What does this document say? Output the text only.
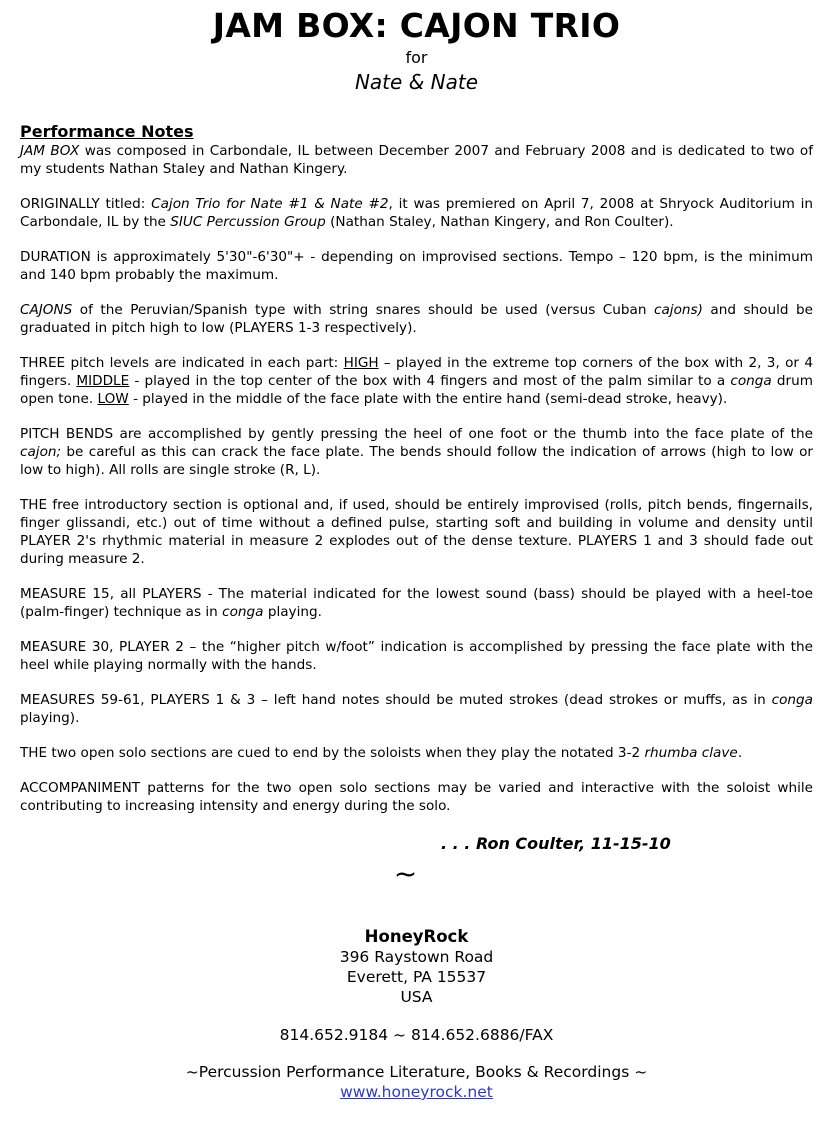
JAM BOX: CAJON TRIO
for
Nate & Nate
Performance Notes

JAM BOX was composed in Carbondale, IL between December 2007 and February 2008 and is dedicated to two of my students Nathan Staley and Nathan Kingery.

ORIGINALLY titled: Cajon Trio for Nate #1 & Nate #2, it was premiered on April 7, 2008 at Shryock Auditorium in Carbondale, IL by the SIUC Percussion Group (Nathan Staley, Nathan Kingery, and Ron Coulter).

DURATION is approximately 5'30"-6'30"+ - depending on improvised sections. Tempo – 120 bpm, is the minimum and 140 bpm probably the maximum.

CAJONS of the Peruvian/Spanish type with string snares should be used (versus Cuban cajons) and should be graduated in pitch high to low (PLAYERS 1-3 respectively).

THREE pitch levels are indicated in each part: HIGH – played in the extreme top corners of the box with 2, 3, or 4 fingers. MIDDLE - played in the top center of the box with 4 fingers and most of the palm similar to a conga drum open tone. LOW - played in the middle of the face plate with the entire hand (semi-dead stroke, heavy).

PITCH BENDS are accomplished by gently pressing the heel of one foot or the thumb into the face plate of the cajon; be careful as this can crack the face plate. The bends should follow the indication of arrows (high to low or low to high). All rolls are single stroke (R, L).

THE free introductory section is optional and, if used, should be entirely improvised (rolls, pitch bends, fingernails, finger glissandi, etc.) out of time without a defined pulse, starting soft and building in volume and density until PLAYER 2's rhythmic material in measure 2 explodes out of the dense texture. PLAYERS 1 and 3 should fade out during measure 2.

MEASURE 15, all PLAYERS - The material indicated for the lowest sound (bass) should be played with a heel-toe (palm-finger) technique as in conga playing.

MEASURE 30, PLAYER 2 – the “higher pitch w/foot” indication is accomplished by pressing the face plate with the heel while playing normally with the hands.

MEASURES 59-61, PLAYERS 1 & 3 – left hand notes should be muted strokes (dead strokes or muffs, as in conga playing).

THE two open solo sections are cued to end by the soloists when they play the notated 3-2 rhumba clave.

ACCOMPANIMENT patterns for the two open solo sections may be varied and interactive with the soloist while contributing to increasing intensity and energy during the solo.

. . . Ron Coulter, 11-15-10
~
HoneyRock
396 Raystown Road
Everett, PA 15537
USA
814.652.9184 ~ 814.652.6886/FAX
~Percussion Performance Literature, Books & Recordings ~
www.honeyrock.net
